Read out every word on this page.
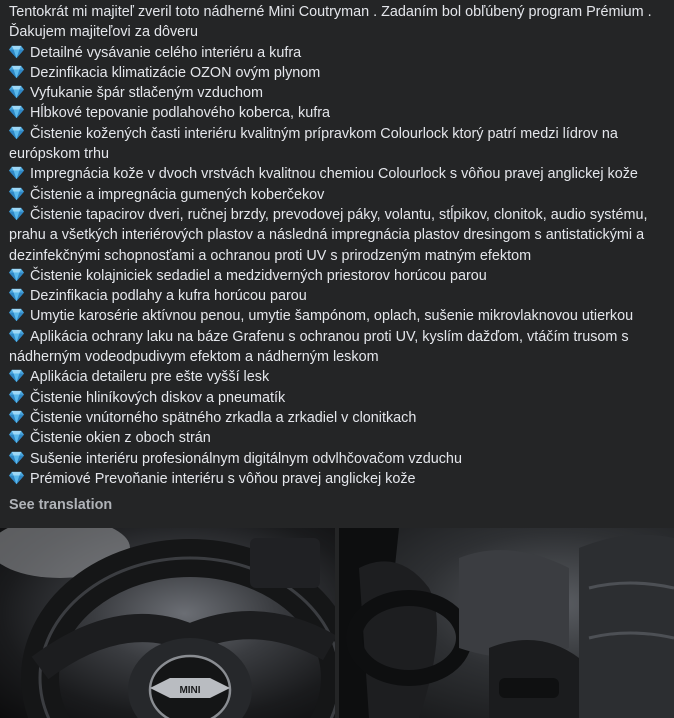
Tentokrát mi majiteľ zveril toto nádherné Mini Coutryman . Zadaním bol obľúbený program Prémium . Ďakujem majiteľovi za dôveru
Detailné vysávanie celého interiéru a kufra
Dezinfikacia klimatizácie OZON ovým plynom
Vyfukanie špár stlačeným vzduchom
Hĺbkové tepovanie podlahového koberca, kufra
Čistenie kožených časti interiéru kvalitným prípravkom Colourlock ktorý patrí medzi lídrov na európskom trhu
Impregnácia kože v dvoch vrstvách kvalitnou chemiou Colourlock s vôňou pravej anglickej kože
Čistenie a impregnácia gumených koberčekov
Čistenie tapacirov dveri, ručnej brzdy, prevodovej páky, volantu, stĺpikov, clonitok, audio systému, prahu a všetkých interiérových plastov a následná impregnácia plastov dresingom s antistatickými a dezinfekčnými schopnosťami a ochranou proti UV s prirodzeným matným efektom
Čistenie kolajniciek sedadiel a medzidverných priestorov horúcou parou
Dezinfikacia podlahy a kufra horúcou parou
Umytie karosérie aktívnou penou, umytie šampónom, oplach, sušenie mikrovlaknovou utierkou
Aplikácia ochrany laku na báze Grafenu s ochranou proti UV, kyslím dažďom, vtáčím trusom s nádherným vodeodpudivym efektom a nádherným leskom
Aplikácia detaileru pre ešte vyšší lesk
Čistenie hliníkových diskov a pneumatík
Čistenie vnútorného spätného zrkadla a zrkadiel v clonitkach
Čistenie okien z oboch strán
Sušenie interiéru profesionálnym digitálnym odvlhčovačom vzduchu
Prémiové Prevoňanie interiéru s vôňou pravej anglickej kože
See translation
MINI
